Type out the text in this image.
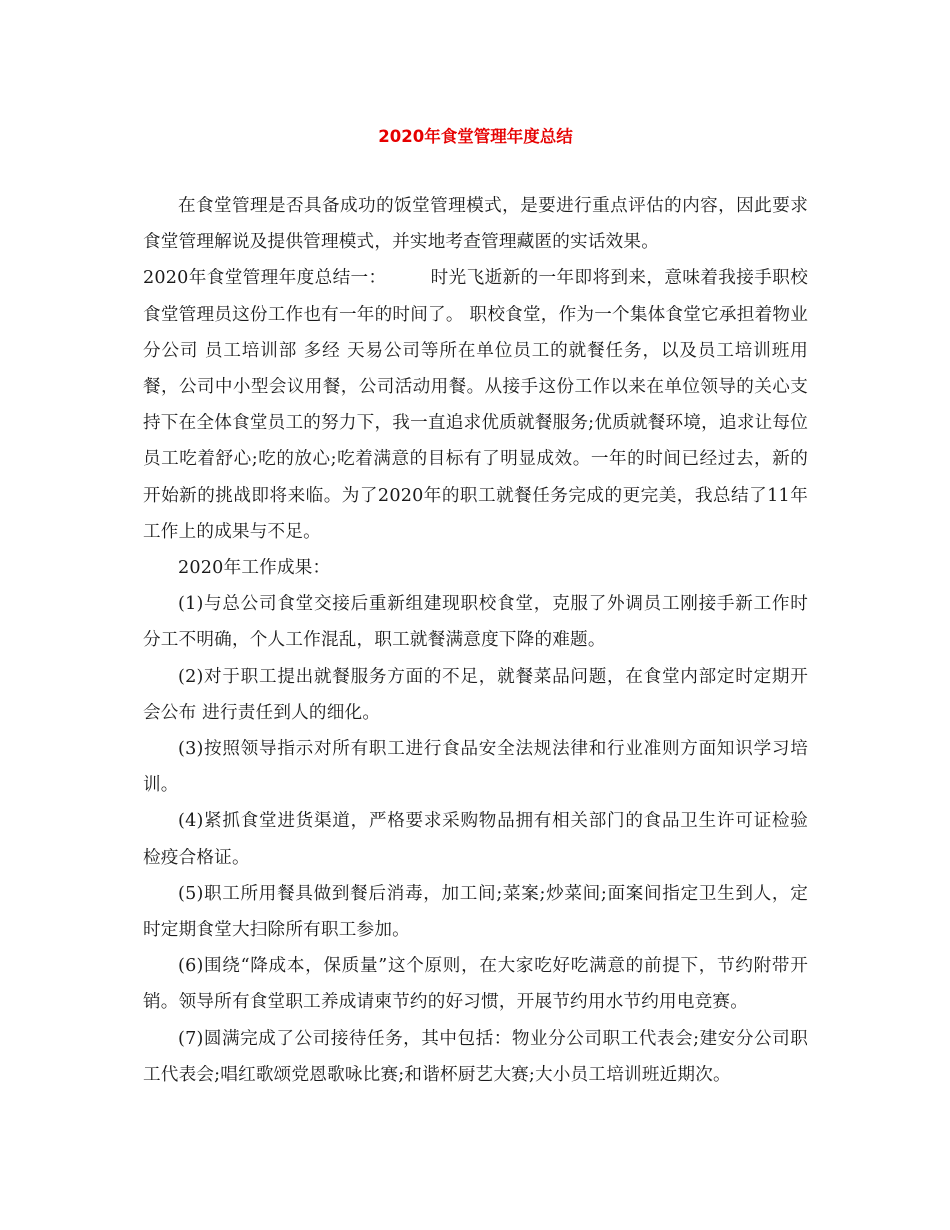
2020年食堂管理年度总结

在食堂管理是否具备成功的饭堂管理模式，是要进行重点评估的内容，因此要求食堂管理解说及提供管理模式，并实地考查管理藏匿的实话效果。

2020年食堂管理年度总结一：	时光飞逝新的一年即将到来，意味着我接手职校食堂管理员这份工作也有一年的时间了。 职校食堂，作为一个集体食堂它承担着物业分公司 员工培训部 多经 天易公司等所在单位员工的就餐任务，以及员工培训班用餐，公司中小型会议用餐，公司活动用餐。从接手这份工作以来在单位领导的关心支持下在全体食堂员工的努力下，我一直追求优质就餐服务;优质就餐环境，追求让每位员工吃着舒心;吃的放心;吃着满意的目标有了明显成效。一年的时间已经过去，新的开始新的挑战即将来临。为了2020年的职工就餐任务完成的更完美，我总结了11年工作上的成果与不足。

2020年工作成果：

(1)与总公司食堂交接后重新组建现职校食堂，克服了外调员工刚接手新工作时分工不明确，个人工作混乱，职工就餐满意度下降的难题。

(2)对于职工提出就餐服务方面的不足，就餐菜品问题，在食堂内部定时定期开会公布 进行责任到人的细化。

(3)按照领导指示对所有职工进行食品安全法规法律和行业准则方面知识学习培训。

(4)紧抓食堂进货渠道，严格要求采购物品拥有相关部门的食品卫生许可证检验检疫合格证。

(5)职工所用餐具做到餐后消毒，加工间;菜案;炒菜间;面案间指定卫生到人，定时定期食堂大扫除所有职工参加。

(6)围绕“降成本，保质量”这个原则，在大家吃好吃满意的前提下，节约附带开销。领导所有食堂职工养成请柬节约的好习惯，开展节约用水节约用电竞赛。

(7)圆满完成了公司接待任务，其中包括：物业分公司职工代表会;建安分公司职工代表会;唱红歌颂党恩歌咏比赛;和谐杯厨艺大赛;大小员工培训班近期次。
